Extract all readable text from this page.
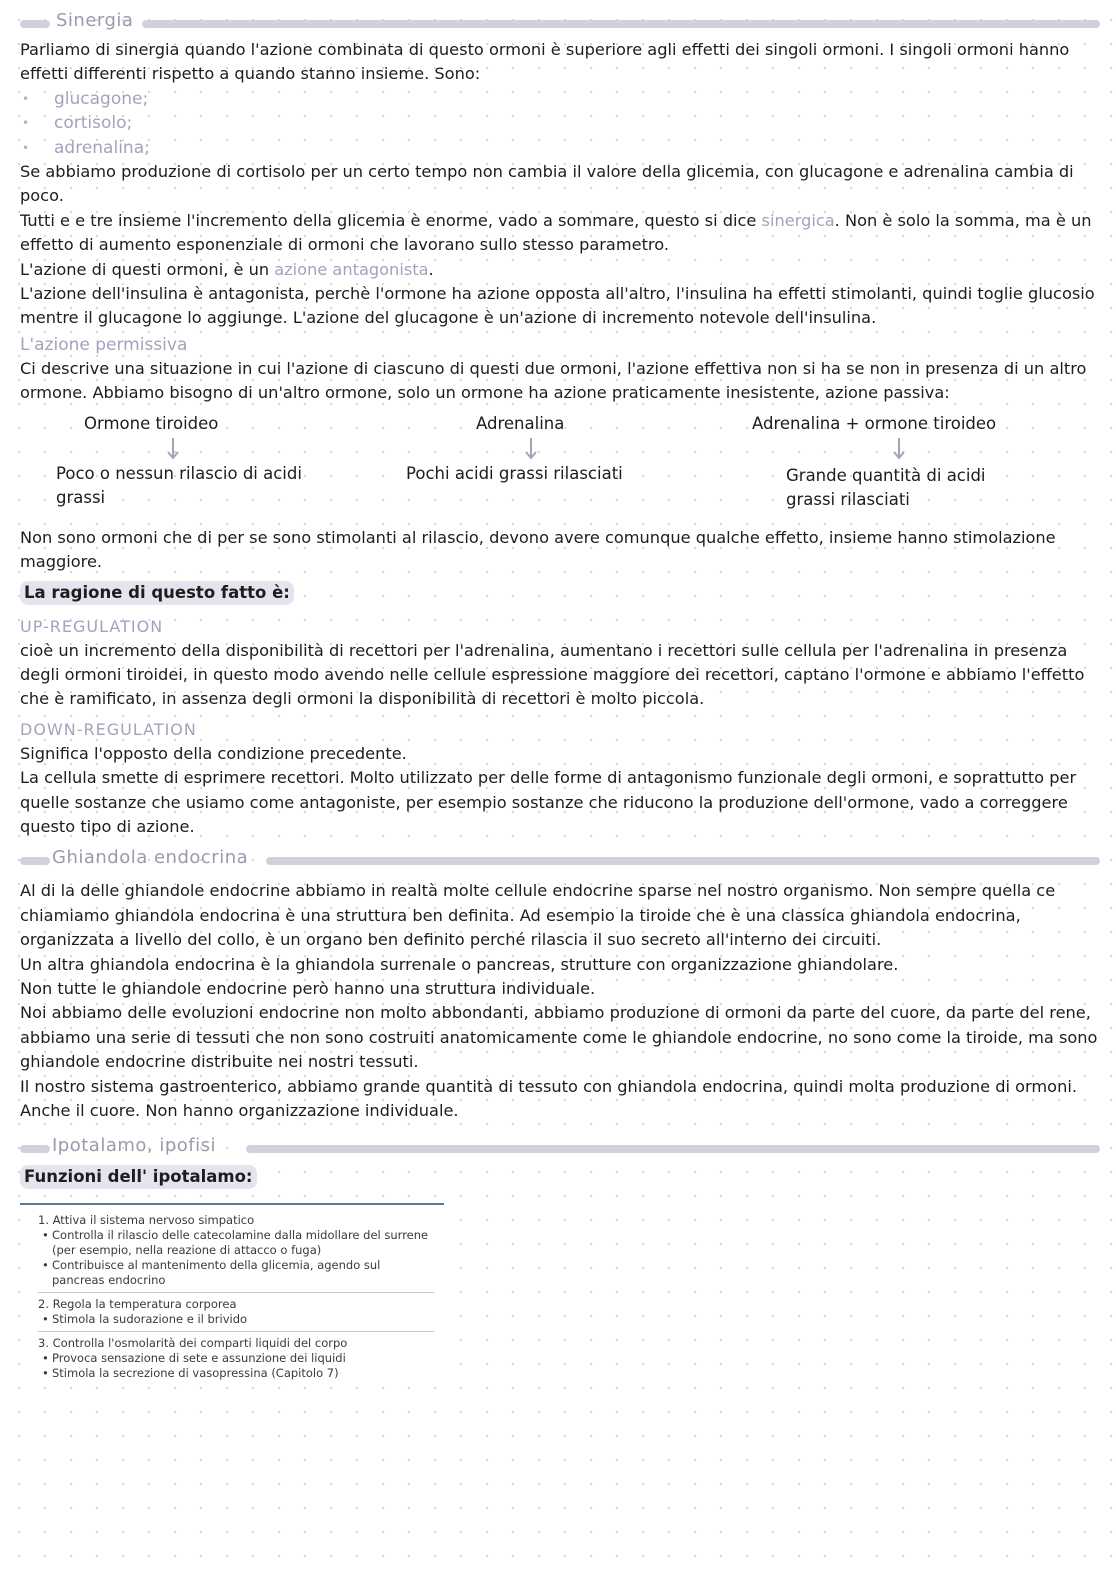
Sinergia

Parliamo di sinergia quando l'azione combinata di questo ormoni è superiore agli effetti dei singoli ormoni. I singoli ormoni hanno effetti differenti rispetto a quando stanno insieme. Sono:

• glucagone;
• cortisolo;
• adrenalina;

Se abbiamo produzione di cortisolo per un certo tempo non cambia il valore della glicemia, con glucagone e adrenalina cambia di poco.

Tutti e e tre insieme l'incremento della glicemia è enorme, vado a sommare, questo si dice sinergica. Non è solo la somma, ma è un effetto di aumento esponenziale di ormoni che lavorano sullo stesso parametro.

L'azione di questi ormoni, è un azione antagonista.

L'azione dell'insulina è antagonista, perchè l'ormone ha azione opposta all'altro, l'insulina ha effetti stimolanti, quindi toglie glucosio mentre il glucagone lo aggiunge. L'azione del glucagone è un'azione di incremento notevole dell'insulina.

L'azione permissiva

Ci descrive una situazione in cui l'azione di ciascuno di questi due ormoni, l'azione effettiva non si ha se non in presenza di un altro ormone. Abbiamo bisogno di un'altro ormone, solo un ormone ha azione praticamente inesistente, azione passiva:

Ormone tiroideo
Poco o nessun rilascio di acidi grassi
Adrenalina
Pochi acidi grassi rilasciati
Adrenalina + ormone tiroideo
Grande quantità di acidi grassi rilasciati

Non sono ormoni che di per se sono stimolanti al rilascio, devono avere comunque qualche effetto, insieme hanno stimolazione maggiore.

La ragione di questo fatto è:
UP-REGULATION

cioè un incremento della disponibilità di recettori per l'adrenalina, aumentano i recettori sulle cellula per l'adrenalina in presenza degli ormoni tiroidei, in questo modo avendo nelle cellule espressione maggiore dei recettori, captano l'ormone e abbiamo l'effetto che è ramificato, in assenza degli ormoni la disponibilità di recettori è molto piccola.

DOWN-REGULATION

Significa l'opposto della condizione precedente.

La cellula smette di esprimere recettori. Molto utilizzato per delle forme di antagonismo funzionale degli ormoni, e soprattutto per quelle sostanze che usiamo come antagoniste, per esempio sostanze che riducono la produzione dell'ormone, vado a correggere questo tipo di azione.

Ghiandola endocrina

Al di la delle ghiandole endocrine abbiamo in realtà molte cellule endocrine sparse nel nostro organismo. Non sempre quella ce chiamiamo ghiandola endocrina è una struttura ben definita. Ad esempio la tiroide che è una classica ghiandola endocrina, organizzata a livello del collo, è un organo ben definito perché rilascia il suo secreto all'interno dei circuiti.

Un altra ghiandola endocrina è la ghiandola surrenale o pancreas, strutture con organizzazione ghiandolare.

Non tutte le ghiandole endocrine però hanno una struttura individuale.

Noi abbiamo delle evoluzioni endocrine non molto abbondanti, abbiamo produzione di ormoni da parte del cuore, da parte del rene, abbiamo una serie di tessuti che non sono costruiti anatomicamente come le ghiandole endocrine, no sono come la tiroide, ma sono ghiandole endocrine distribuite nei nostri tessuti.

Il nostro sistema gastroenterico, abbiamo grande quantità di tessuto con ghiandola endocrina, quindi molta produzione di ormoni. Anche il cuore. Non hanno organizzazione individuale.

Ipotalamo, ipofisi
Funzioni dell' ipotalamo:
1. Attiva il sistema nervoso simpatico
• Controlla il rilascio delle catecolamine dalla midollare del surrene (per esempio, nella reazione di attacco o fuga)
• Contribuisce al mantenimento della glicemia, agendo sul pancreas endocrino
2. Regola la temperatura corporea
• Stimola la sudorazione e il brivido
3. Controlla l'osmolarità dei comparti liquidi del corpo
• Provoca sensazione di sete e assunzione dei liquidi
• Stimola la secrezione di vasopressina (Capitolo 7)
